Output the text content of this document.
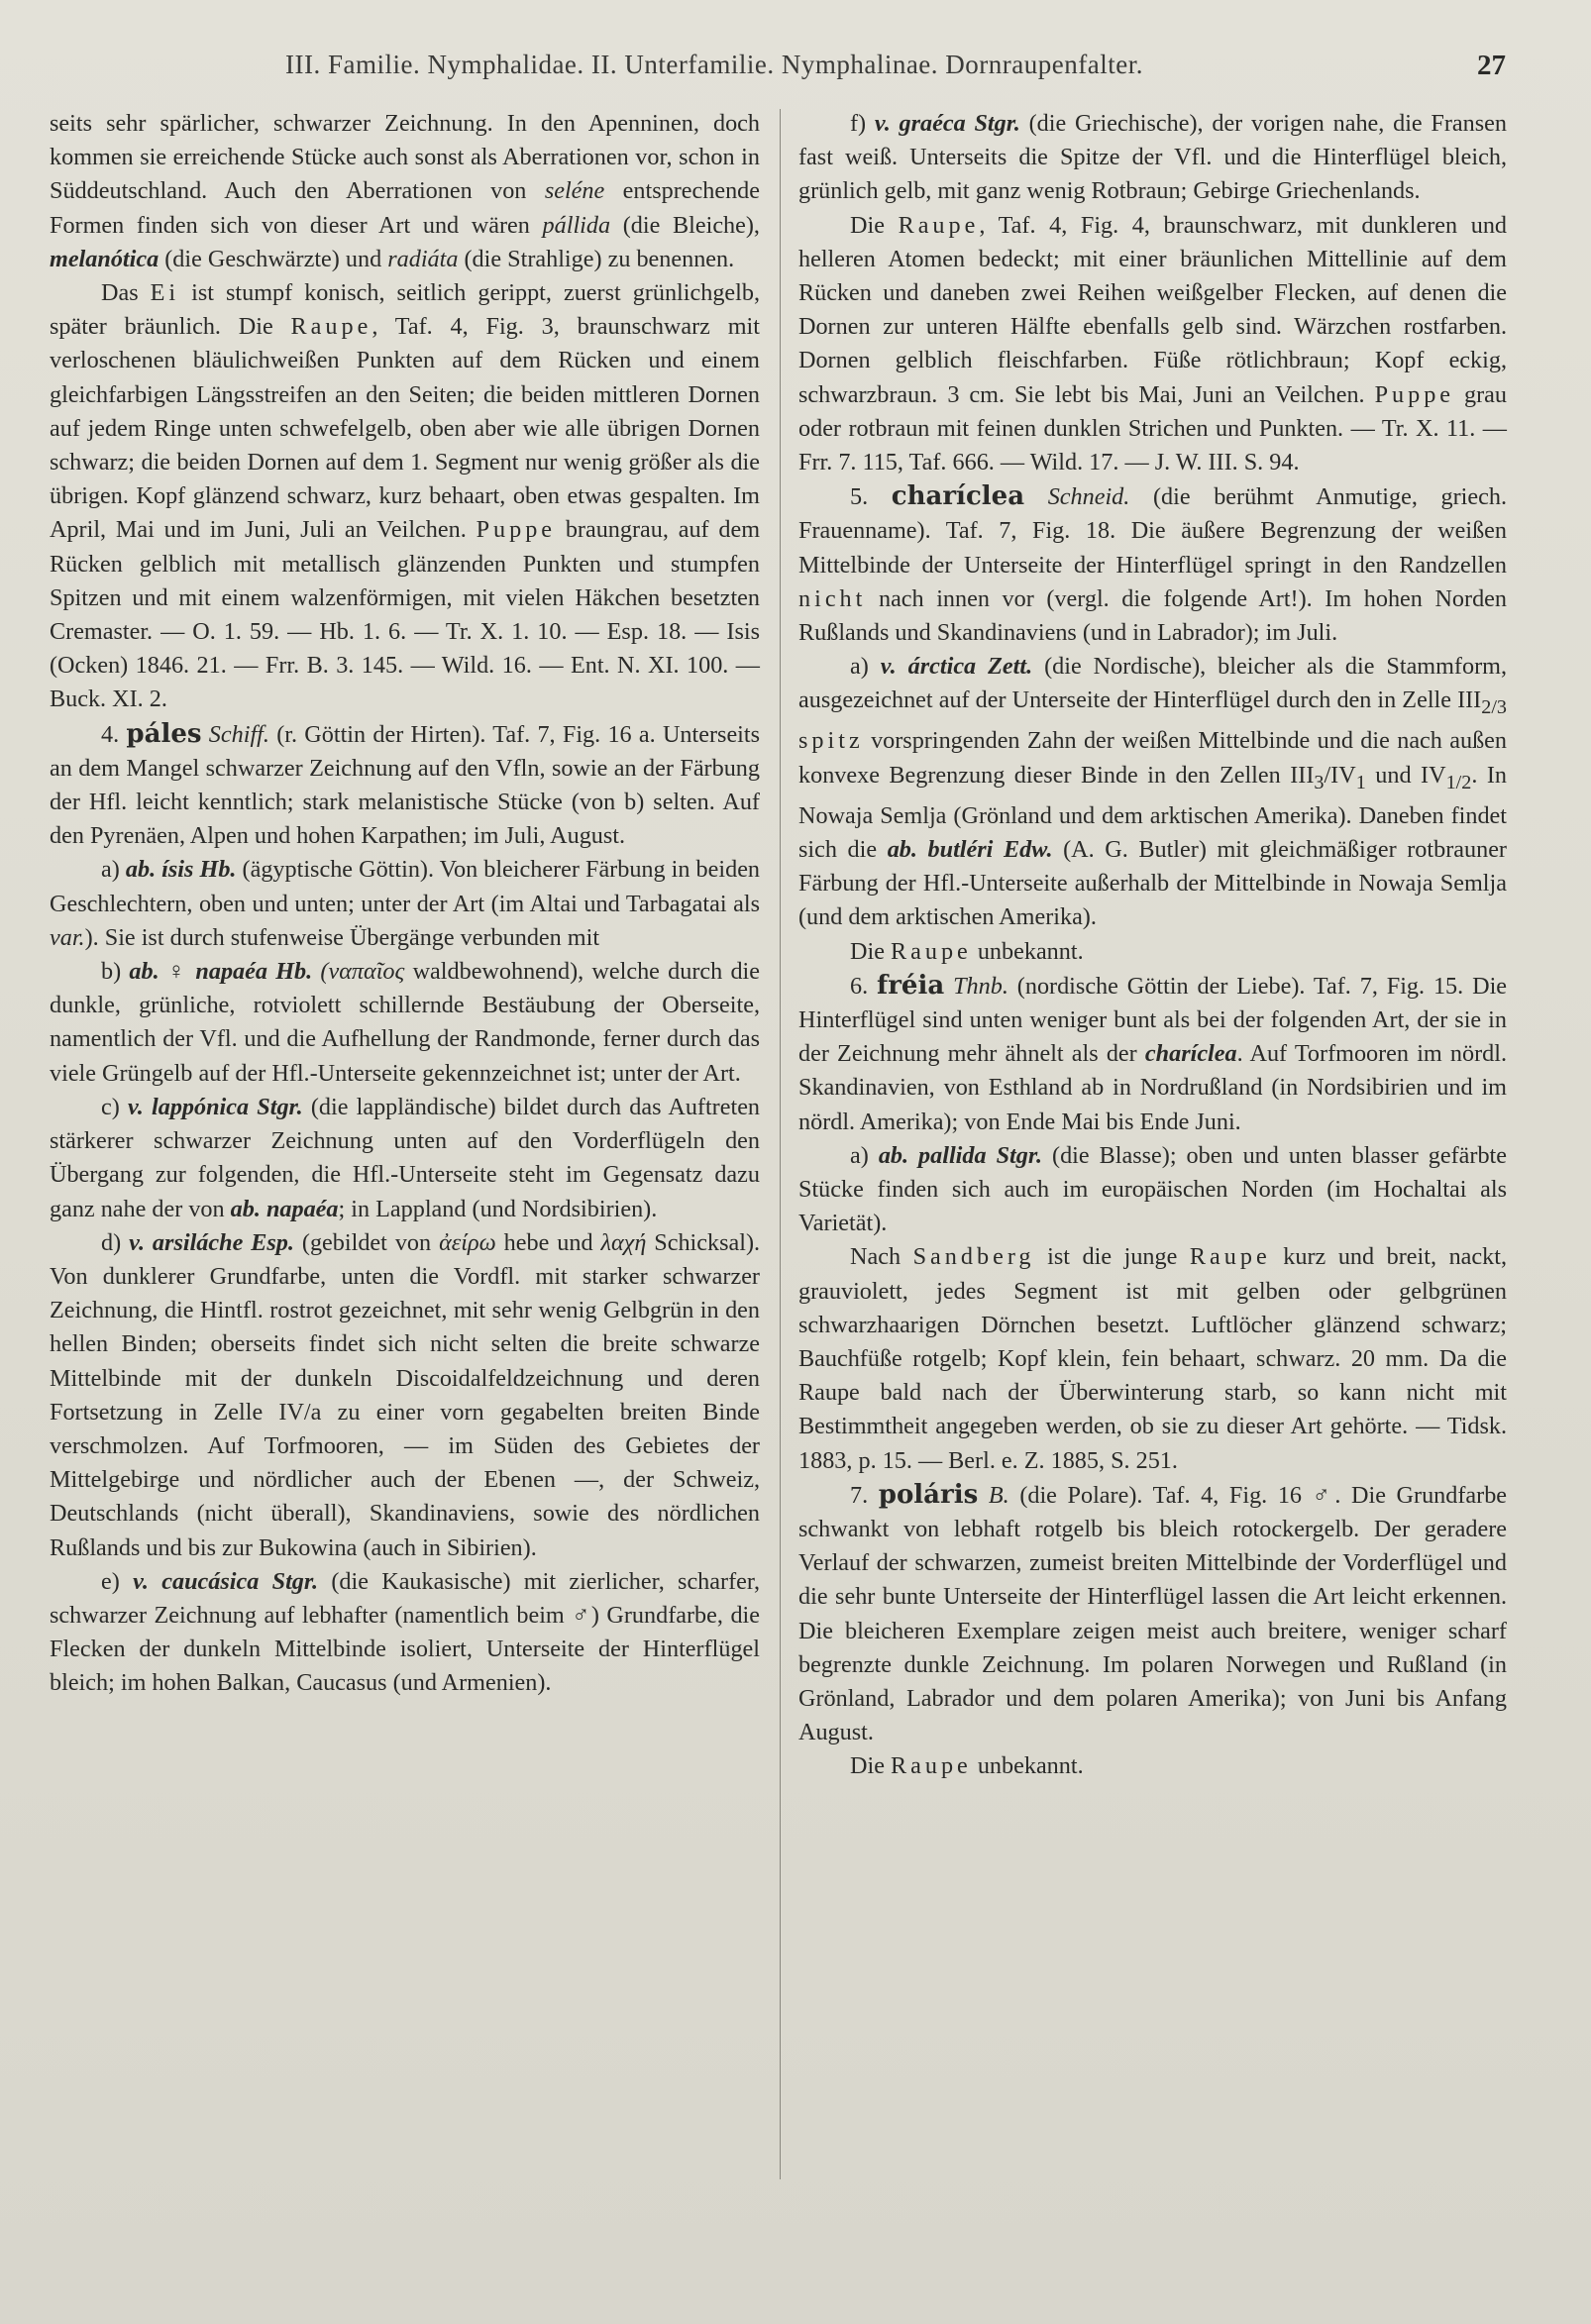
III. Familie. Nymphalidae. II. Unterfamilie. Nymphalinae. Dornraupenfalter.	27

seits sehr spärlicher, schwarzer Zeichnung. In den Apenninen, doch kommen sie erreichende Stücke auch sonst als Aberrationen vor, schon in Süddeutschland. Auch den Aberrationen von seléne entsprechende Formen finden sich von dieser Art und wären pállida (die Bleiche), melanótica (die Geschwärzte) und radiáta (die Strahlige) zu benennen.

Das Ei ist stumpf konisch, seitlich gerippt, zuerst grünlichgelb, später bräunlich. Die Raupe, Taf. 4, Fig. 3, braunschwarz mit verloschenen bläulichweißen Punkten auf dem Rücken und einem gleichfarbigen Längsstreifen an den Seiten; die beiden mittleren Dornen auf jedem Ringe unten schwefelgelb, oben aber wie alle übrigen Dornen schwarz; die beiden Dornen auf dem 1. Segment nur wenig größer als die übrigen. Kopf glänzend schwarz, kurz behaart, oben etwas gespalten. Im April, Mai und im Juni, Juli an Veilchen. Puppe braungrau, auf dem Rücken gelblich mit metallisch glänzenden Punkten und stumpfen Spitzen und mit einem walzenförmigen, mit vielen Häkchen besetzten Cremaster. — O. 1. 59. — Hb. 1. 6. — Tr. X. 1. 10. — Esp. 18. — Isis (Ocken) 1846. 21. — Frr. B. 3. 145. — Wild. 16. — Ent. N. XI. 100. — Buck. XI. 2.

4. páles Schiff. (r. Göttin der Hirten). Taf. 7, Fig. 16 a. Unterseits an dem Mangel schwarzer Zeichnung auf den Vfln, sowie an der Färbung der Hfl. leicht kenntlich; stark melanistische Stücke (von b) selten. Auf den Pyrenäen, Alpen und hohen Karpathen; im Juli, August.

a) ab. ísis Hb. (ägyptische Göttin). Von bleicherer Färbung in beiden Geschlechtern, oben und unten; unter der Art (im Altai und Tarbagatai als var.). Sie ist durch stufenweise Übergänge verbunden mit

b) ab. ♀ napaéa Hb. (ναπαῖος waldbewohnend), welche durch die dunkle, grünliche, rotviolett schillernde Bestäubung der Oberseite, namentlich der Vfl. und die Aufhellung der Randmonde, ferner durch das viele Grüngelb auf der Hfl.-Unterseite gekennzeichnet ist; unter der Art.

c) v. lappónica Stgr. (die lappländische) bildet durch das Auftreten stärkerer schwarzer Zeichnung unten auf den Vorderflügeln den Übergang zur folgenden, die Hfl.-Unterseite steht im Gegensatz dazu ganz nahe der von ab. napaéa; in Lappland (und Nordsibirien).

d) v. arsiláche Esp. (gebildet von ἀείρω hebe und λαχή Schicksal). Von dunklerer Grundfarbe, unten die Vordfl. mit starker schwarzer Zeichnung, die Hintfl. rostrot gezeichnet, mit sehr wenig Gelbgrün in den hellen Binden; oberseits findet sich nicht selten die breite schwarze Mittelbinde mit der dunkeln Discoidalfeldzeichnung und deren Fortsetzung in Zelle IV/a zu einer vorn gegabelten breiten Binde verschmolzen. Auf Torfmooren, — im Süden des Gebietes der Mittelgebirge und nördlicher auch der Ebenen —, der Schweiz, Deutschlands (nicht überall), Skandinaviens, sowie des nördlichen Rußlands und bis zur Bukowina (auch in Sibirien).

e) v. caucásica Stgr. (die Kaukasische) mit zierlicher, scharfer, schwarzer Zeichnung auf lebhafter (namentlich beim ♂) Grundfarbe, die Flecken der dunkeln Mittelbinde isoliert, Unterseite der Hinterflügel bleich; im hohen Balkan, Caucasus (und Armenien).

f) v. graéca Stgr. (die Griechische), der vorigen nahe, die Fransen fast weiß. Unterseits die Spitze der Vfl. und die Hinterflügel bleich, grünlich gelb, mit ganz wenig Rotbraun; Gebirge Griechenlands.

Die Raupe, Taf. 4, Fig. 4, braunschwarz, mit dunkleren und helleren Atomen bedeckt; mit einer bräunlichen Mittellinie auf dem Rücken und daneben zwei Reihen weißgelber Flecken, auf denen die Dornen zur unteren Hälfte ebenfalls gelb sind. Wärzchen rostfarben. Dornen gelblich fleischfarben. Füße rötlichbraun; Kopf eckig, schwarzbraun. 3 cm. Sie lebt bis Mai, Juni an Veilchen. Puppe grau oder rotbraun mit feinen dunklen Strichen und Punkten. — Tr. X. 11. — Frr. 7. 115, Taf. 666. — Wild. 17. — J. W. III. S. 94.

5. charíclea Schneid. (die berühmt Anmutige, griech. Frauenname). Taf. 7, Fig. 18. Die äußere Begrenzung der weißen Mittelbinde der Unterseite der Hinterflügel springt in den Randzellen nicht nach innen vor (vergl. die folgende Art!). Im hohen Norden Rußlands und Skandinaviens (und in Labrador); im Juli.

a) v. árctica Zett. (die Nordische), bleicher als die Stammform, ausgezeichnet auf der Unterseite der Hinterflügel durch den in Zelle $III_{2/3}$ spitz vorspringenden Zahn der weißen Mittelbinde und die nach außen konvexe Begrenzung dieser Binde in den Zellen $III_3/IV_1$ und $IV_{1/2}$. In Nowaja Semlja (Grönland und dem arktischen Amerika). Daneben findet sich die ab. butléri Edw. (A. G. Butler) mit gleichmäßiger rotbrauner Färbung der Hfl.-Unterseite außerhalb der Mittelbinde in Nowaja Semlja (und dem arktischen Amerika).

Die Raupe unbekannt.

6. fréia Thnb. (nordische Göttin der Liebe). Taf. 7, Fig. 15. Die Hinterflügel sind unten weniger bunt als bei der folgenden Art, der sie in der Zeichnung mehr ähnelt als der charíclea. Auf Torfmooren im nördl. Skandinavien, von Esthland ab in Nordrußland (in Nordsibirien und im nördl. Amerika); von Ende Mai bis Ende Juni.

a) ab. pallida Stgr. (die Blasse); oben und unten blasser gefärbte Stücke finden sich auch im europäischen Norden (im Hochaltai als Varietät).

Nach Sandberg ist die junge Raupe kurz und breit, nackt, grauviolett, jedes Segment ist mit gelben oder gelbgrünen schwarzhaarigen Dörnchen besetzt. Luftlöcher glänzend schwarz; Bauchfüße rotgelb; Kopf klein, fein behaart, schwarz. 20 mm. Da die Raupe bald nach der Überwinterung starb, so kann nicht mit Bestimmtheit angegeben werden, ob sie zu dieser Art gehörte. — Tidsk. 1883, p. 15. — Berl. e. Z. 1885, S. 251.

7. poláris B. (die Polare). Taf. 4, Fig. 16 ♂. Die Grundfarbe schwankt von lebhaft rotgelb bis bleich rotockergelb. Der geradere Verlauf der schwarzen, zumeist breiten Mittelbinde der Vorderflügel und die sehr bunte Unterseite der Hinterflügel lassen die Art leicht erkennen. Die bleicheren Exemplare zeigen meist auch breitere, weniger scharf begrenzte dunkle Zeichnung. Im polaren Norwegen und Rußland (in Grönland, Labrador und dem polaren Amerika); von Juni bis Anfang August.

Die Raupe unbekannt.
